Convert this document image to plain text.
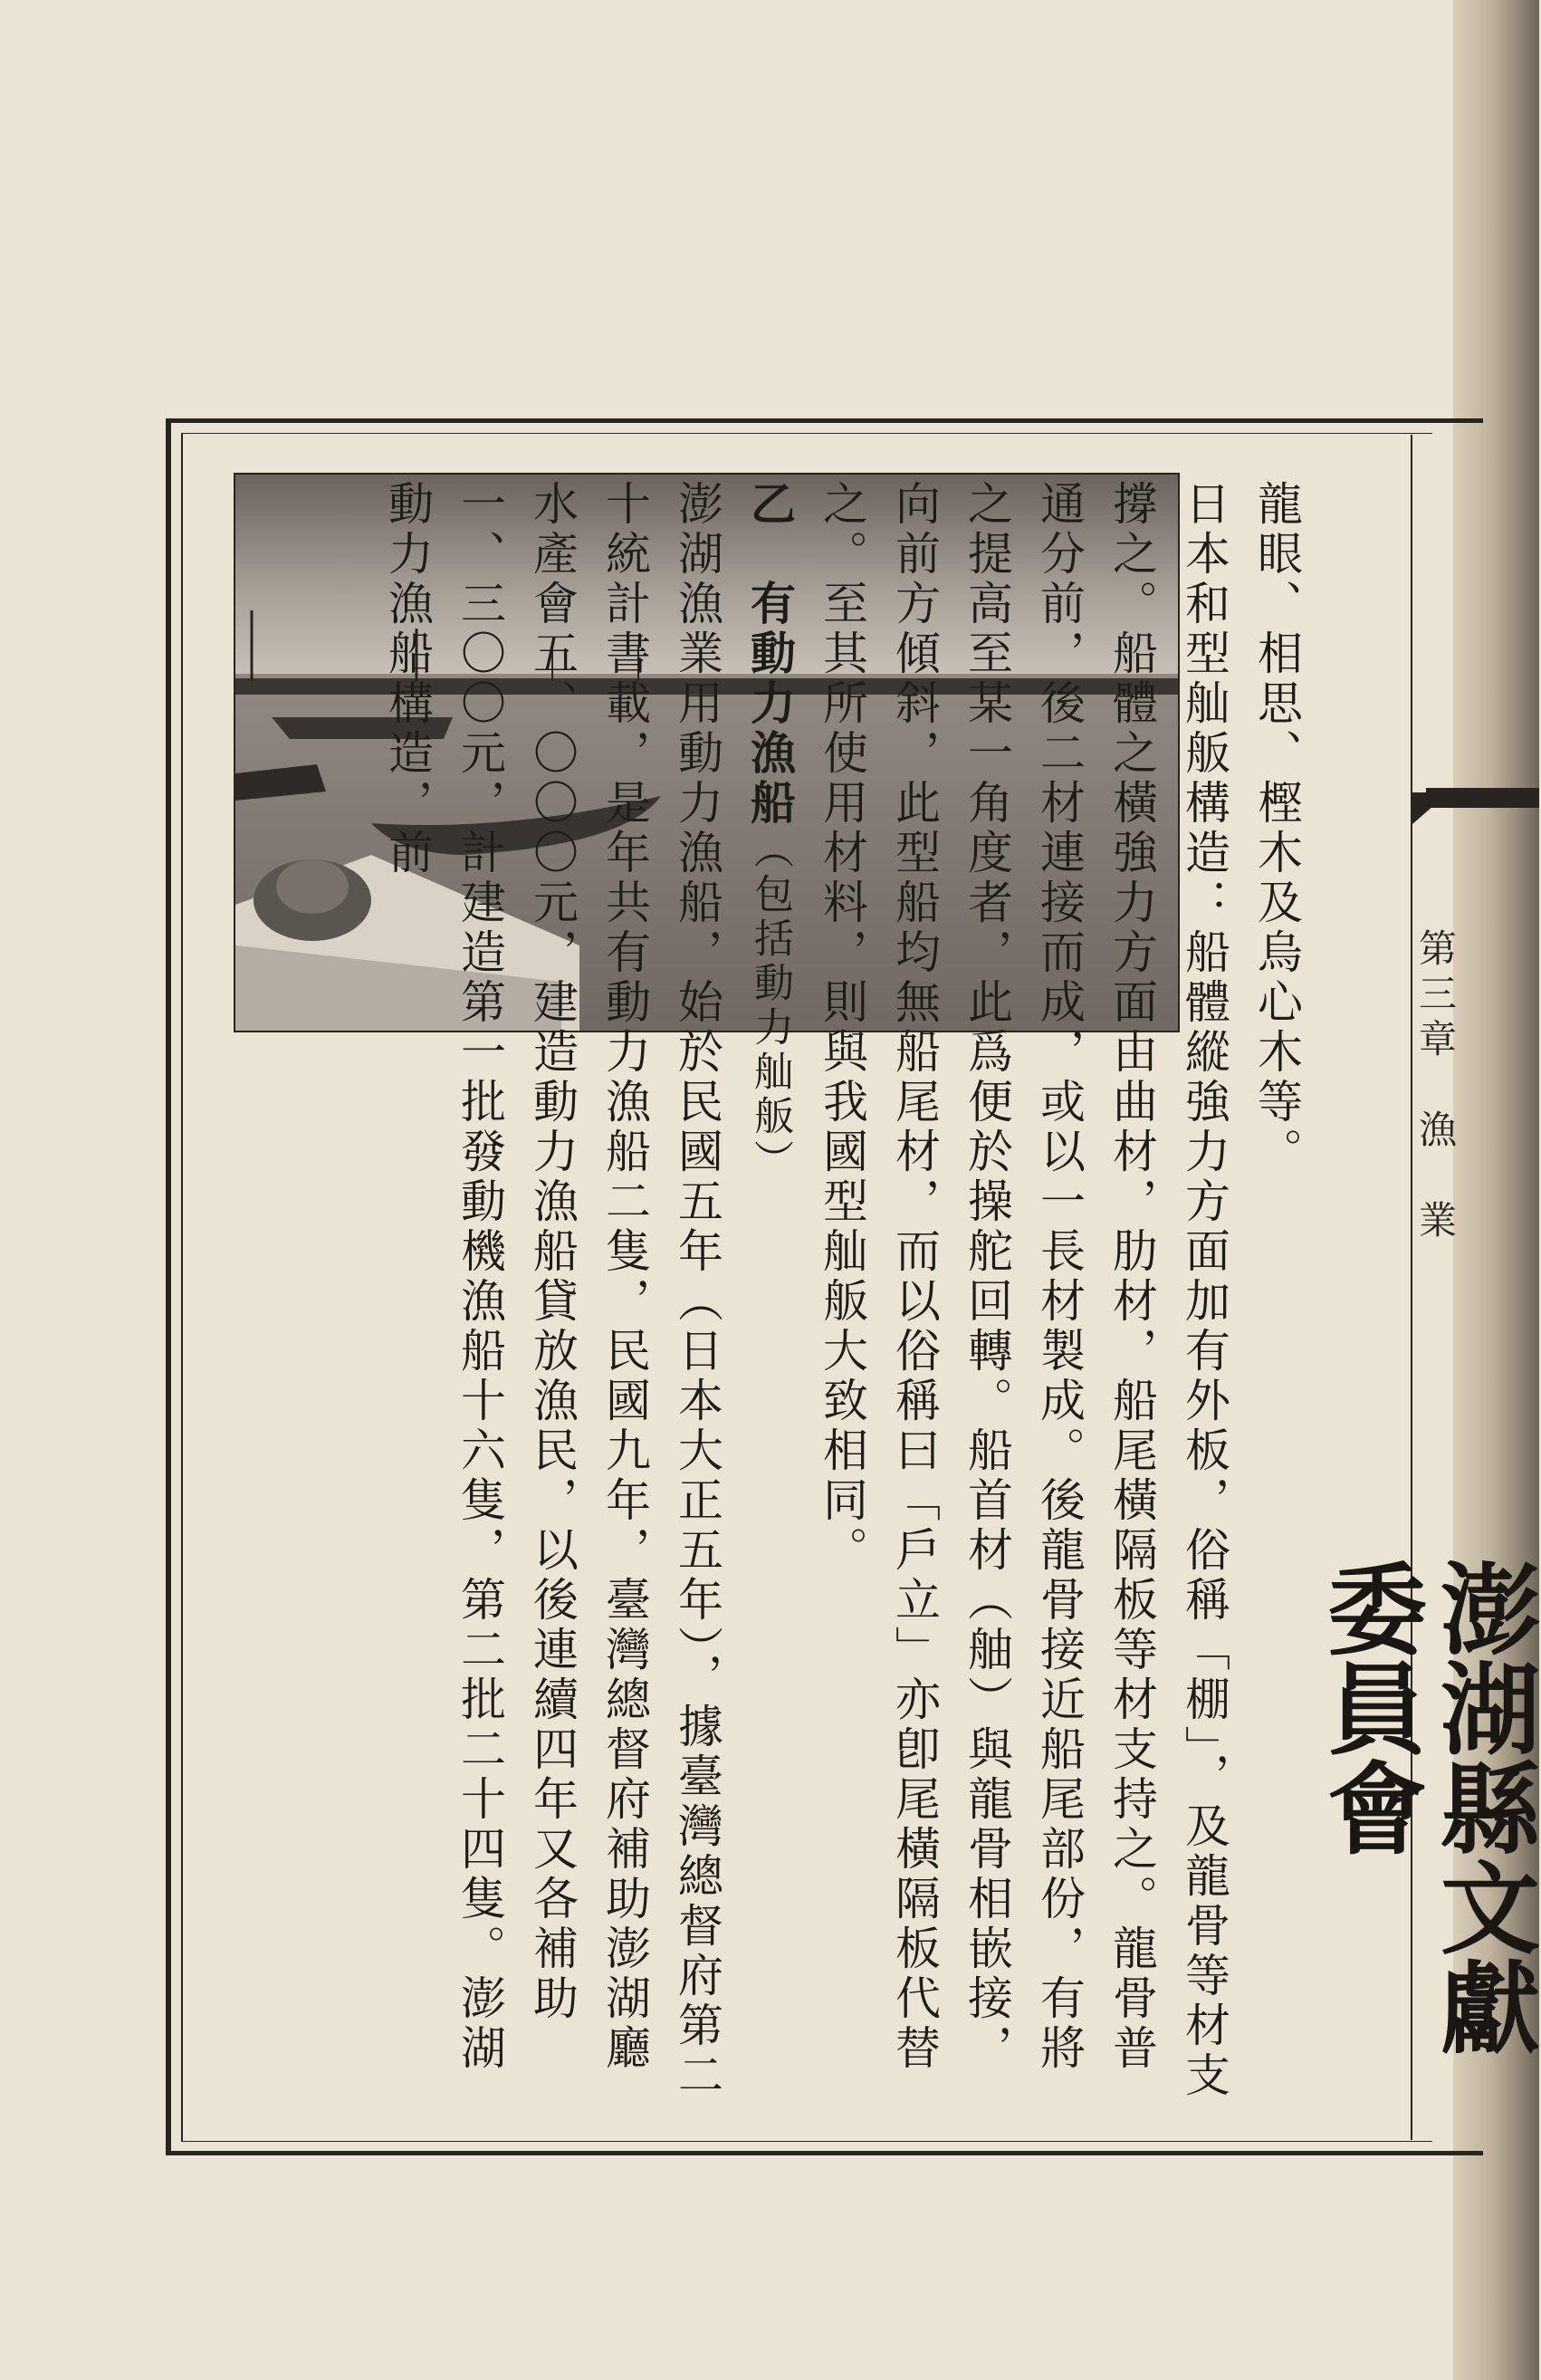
第三章　漁　業
澎湖縣文獻委員會

龍眼、相思、樫木及烏心木等。

日本和型舢舨構造：船體縱強力方面加有外板，俗稱「棚」，及龍骨等材支撐之。船體之橫強力方面由曲材，肋材，船尾橫隔板等材支持之。龍骨普通分前，後二材連接而成，或以一長材製成。後龍骨接近船尾部份，有將之提高至某一角度者，此爲便於操舵回轉。船首材（舳）與龍骨相嵌接，向前方傾斜，此型船均無船尾材，而以俗稱曰「戶立」亦卽尾橫隔板代替之。至其所使用材料，則與我國型舢舨大致相同。

乙　有動力漁船（包括動力舢舨）

澎湖漁業用動力漁船，始於民國五年（日本大正五年），據臺灣總督府第二十統計書載，是年共有動力漁船二隻，民國九年，臺灣總督府補助澎湖廳水產會五、〇〇〇元，建造動力漁船貸放漁民，以後連續四年又各補助一、三〇〇元，計建造第一批發動機漁船十六隻，第二批二十四隻。澎湖動力漁船構造，前
